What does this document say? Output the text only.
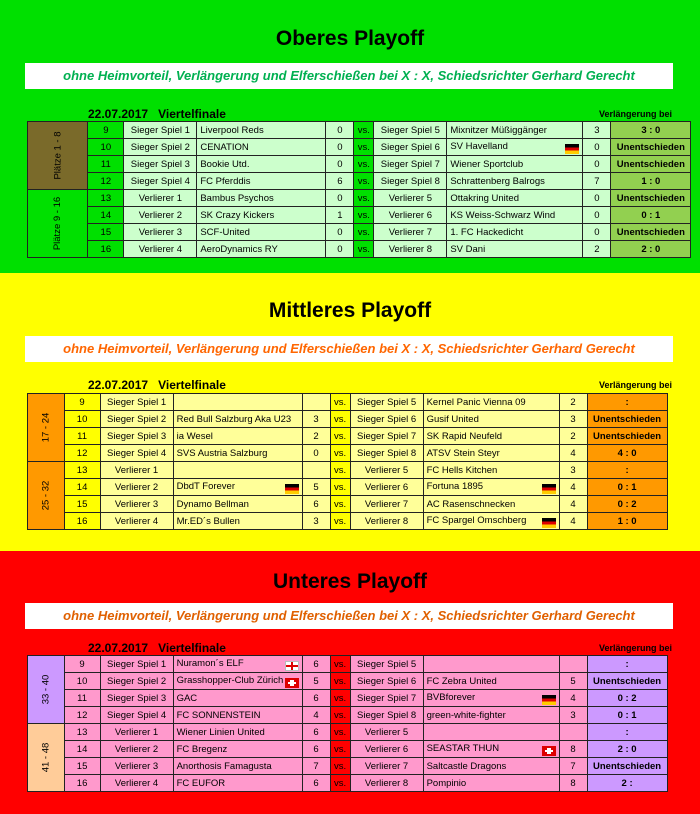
Oberes Playoff
ohne Heimvorteil, Verlängerung und Elferschießen bei X : X, Schiedsrichter Gerhard Gerecht
22.07.2017 Viertelfinale	Verlängerung bei
Plätze 1 - 8	9	Sieger Spiel 1	Liverpool Reds	0	vs.	Sieger Spiel 5	Mixnitzer Müßiggänger	3	3 : 0
	10	Sieger Spiel 2	CENATION	0	vs.	Sieger Spiel 6	SV Havelland	0	Unentschieden
	11	Sieger Spiel 3	Bookie Utd.	0	vs.	Sieger Spiel 7	Wiener Sportclub	0	Unentschieden
	12	Sieger Spiel 4	FC Pferddis	6	vs.	Sieger Spiel 8	Schrattenberg Balrogs	7	1 : 0
Plätze 9 - 16	13	Verlierer 1	Bambus Psychos	0	vs.	Verlierer 5	Ottakring United	0	Unentschieden
	14	Verlierer 2	SK Crazy Kickers	1	vs.	Verlierer 6	KS Weiss-Schwarz Wind	0	0 : 1
	15	Verlierer 3	SCF-United	0	vs.	Verlierer 7	1. FC Hackedicht	0	Unentschieden
	16	Verlierer 4	AeroDynamics RY	0	vs.	Verlierer 8	SV Dani	2	2 : 0
Mittleres Playoff
ohne Heimvorteil, Verlängerung und Elferschießen bei X : X, Schiedsrichter Gerhard Gerecht
22.07.2017 Viertelfinale	Verlängerung bei
17 - 24	9	Sieger Spiel 1			vs.	Sieger Spiel 5	Kernel Panic Vienna 09	2	:
	10	Sieger Spiel 2	Red Bull Salzburg Aka U23	3	vs.	Sieger Spiel 6	Gusif United	3	Unentschieden
	11	Sieger Spiel 3	ia Wesel	2	vs.	Sieger Spiel 7	SK Rapid Neufeld	2	Unentschieden
	12	Sieger Spiel 4	SVS Austria Salzburg	0	vs.	Sieger Spiel 8	ATSV Stein Steyr	4	4 : 0
25 - 32	13	Verlierer 1			vs.	Verlierer 5	FC Hells Kitchen	3	:
	14	Verlierer 2	DbdT Forever	5	vs.	Verlierer 6	Fortuna 1895	4	0 : 1
	15	Verlierer 3	Dynamo Bellman	6	vs.	Verlierer 7	AC Rasenschnecken	4	0 : 2
	16	Verlierer 4	Mr.ED´s Bullen	3	vs.	Verlierer 8	FC Spargel Omschberg	4	1 : 0
Unteres Playoff
ohne Heimvorteil, Verlängerung und Elferschießen bei X : X, Schiedsrichter Gerhard Gerecht
22.07.2017 Viertelfinale	Verlängerung bei
33 - 40	9	Sieger Spiel 1	Nuramon´s ELF	6	vs.	Sieger Spiel 5			:
	10	Sieger Spiel 2	Grasshopper-Club Zürich	5	vs.	Sieger Spiel 6	FC Zebra United	5	Unentschieden
	11	Sieger Spiel 3	GAC	6	vs.	Sieger Spiel 7	BVBforever	4	0 : 2
	12	Sieger Spiel 4	FC SONNENSTEIN	4	vs.	Sieger Spiel 8	green-white-fighter	3	0 : 1
41 - 48	13	Verlierer 1	Wiener Linien United	6	vs.	Verlierer 5			:
	14	Verlierer 2	FC Bregenz	6	vs.	Verlierer 6	SEASTAR THUN	8	2 : 0
	15	Verlierer 3	Anorthosis Famagusta	7	vs.	Verlierer 7	Saltcastle Dragons	7	Unentschieden
	16	Verlierer 4	FC EUFOR	6	vs.	Verlierer 8	Pompinio	8	2 :
